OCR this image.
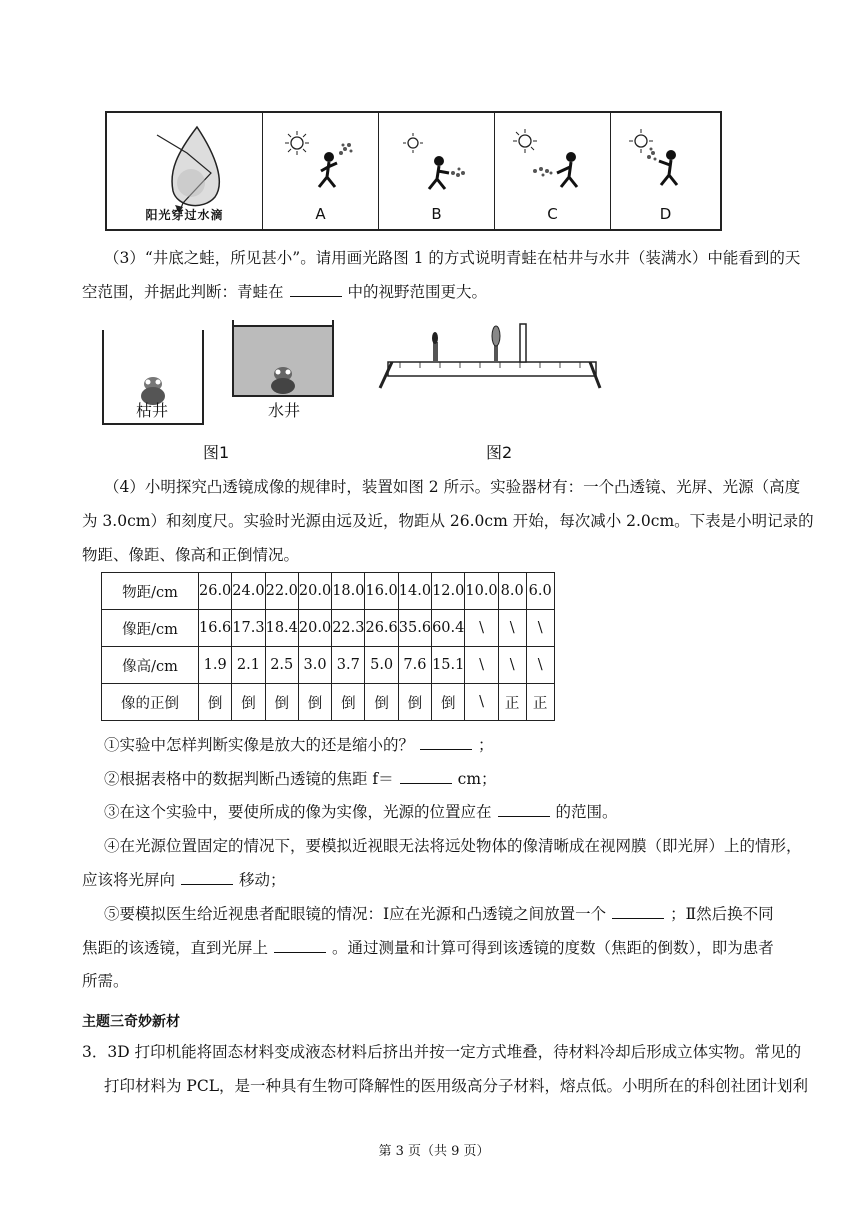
阳光穿过水滴	A	B	C	D
（3）“井底之蛙，所见甚小”。请用画光路图 1 的方式说明青蛙在枯井与水井（装满水）中能看到的天
空范围，并据此判断：青蛙在	中的视野范围更大。
枯井	水井
图1	图2
（4）小明探究凸透镜成像的规律时，装置如图 2 所示。实验器材有：一个凸透镜、光屏、光源（高度
为 3.0cm）和刻度尺。实验时光源由远及近，物距从 26.0cm 开始，每次减小 2.0cm。下表是小明记录的
物距、像距、像高和正倒情况。
物距/cm	26.0	24.0	22.0	20.0	18.0	16.0	14.0	12.0	10.0	8.0	6.0
像距/cm	16.6	17.3	18.4	20.0	22.3	26.6	35.6	60.4	\	\	\
像高/cm	1.9	2.1	2.5	3.0	3.7	5.0	7.6	15.1	\	\	\
像的正倒	倒	倒	倒	倒	倒	倒	倒	倒	\	正	正
①实验中怎样判断实像是放大的还是缩小的？	；
②根据表格中的数据判断凸透镜的焦距 f＝	cm；
③在这个实验中，要使所成的像为实像，光源的位置应在	的范围。
④在光源位置固定的情况下，要模拟近视眼无法将远处物体的像清晰成在视网膜（即光屏）上的情形，
应该将光屏向	移动；
⑤要模拟医生给近视患者配眼镜的情况：Ⅰ应在光源和凸透镜之间放置一个	；Ⅱ然后换不同
焦距的该透镜，直到光屏上	。通过测量和计算可得到该透镜的度数（焦距的倒数），即为患者
所需。
主题三奇妙新材
3．3D 打印机能将固态材料变成液态材料后挤出并按一定方式堆叠，待材料冷却后形成立体实物。常见的
打印材料为 PCL，是一种具有生物可降解性的医用级高分子材料，熔点低。小明所在的科创社团计划利
第 3 页（共 9 页）
